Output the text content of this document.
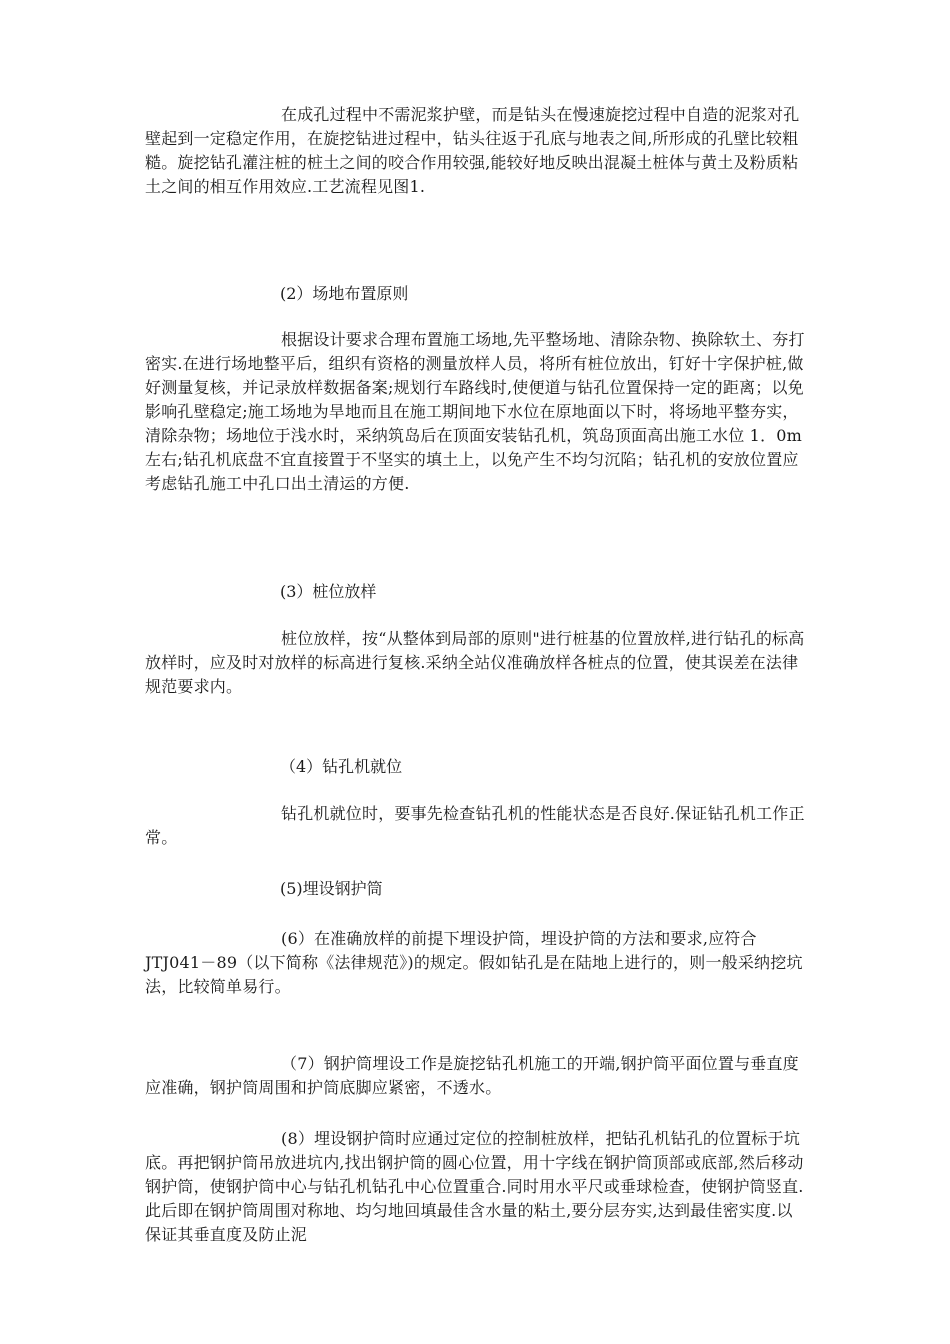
在成孔过程中不需泥浆护壁，而是钻头在慢速旋挖过程中自造的泥浆对孔壁起到一定稳定作用，在旋挖钻进过程中，钻头往返于孔底与地表之间,所形成的孔壁比较粗糙。旋挖钻孔灌注桩的桩土之间的咬合作用较强,能较好地反映出混凝土桩体与黄土及粉质粘土之间的相互作用效应.工艺流程见图1.
(2）场地布置原则
根据设计要求合理布置施工场地,先平整场地、清除杂物、换除软土、夯打密实.在进行场地整平后，组织有资格的测量放样人员，将所有桩位放出，钉好十字保护桩,做好测量复核，并记录放样数据备案;规划行车路线时,使便道与钻孔位置保持一定的距离；以免影响孔壁稳定;施工场地为旱地而且在施工期间地下水位在原地面以下时，将场地平整夯实，清除杂物；场地位于浅水时，采纳筑岛后在顶面安装钻孔机，筑岛顶面高出施工水位 1．0m左右;钻孔机底盘不宜直接置于不坚实的填土上，以免产生不均匀沉陷；钻孔机的安放位置应考虑钻孔施工中孔口出土清运的方便.
(3）桩位放样
桩位放样，按“从整体到局部的原则"进行桩基的位置放样,进行钻孔的标高放样时，应及时对放样的标高进行复核.采纳全站仪准确放样各桩点的位置，使其误差在法律规范要求内。
（4）钻孔机就位
钻孔机就位时，要事先检查钻孔机的性能状态是否良好.保证钻孔机工作正常。
(5)埋设钢护筒
(6）在准确放样的前提下埋设护筒，埋设护筒的方法和要求,应符合 JTJ041－89（以下简称《法律规范》)的规定。假如钻孔是在陆地上进行的，则一般采纳挖坑法，比较简单易行。
（7）钢护筒埋设工作是旋挖钻孔机施工的开端,钢护筒平面位置与垂直度应准确，钢护筒周围和护筒底脚应紧密，不透水。
(8）埋设钢护筒时应通过定位的控制桩放样，把钻孔机钻孔的位置标于坑底。再把钢护筒吊放进坑内,找出钢护筒的圆心位置，用十字线在钢护筒顶部或底部,然后移动钢护筒，使钢护筒中心与钻孔机钻孔中心位置重合.同时用水平尺或垂球检查，使钢护筒竖直.此后即在钢护筒周围对称地、均匀地回填最佳含水量的粘土,要分层夯实,达到最佳密实度.以保证其垂直度及防止泥
